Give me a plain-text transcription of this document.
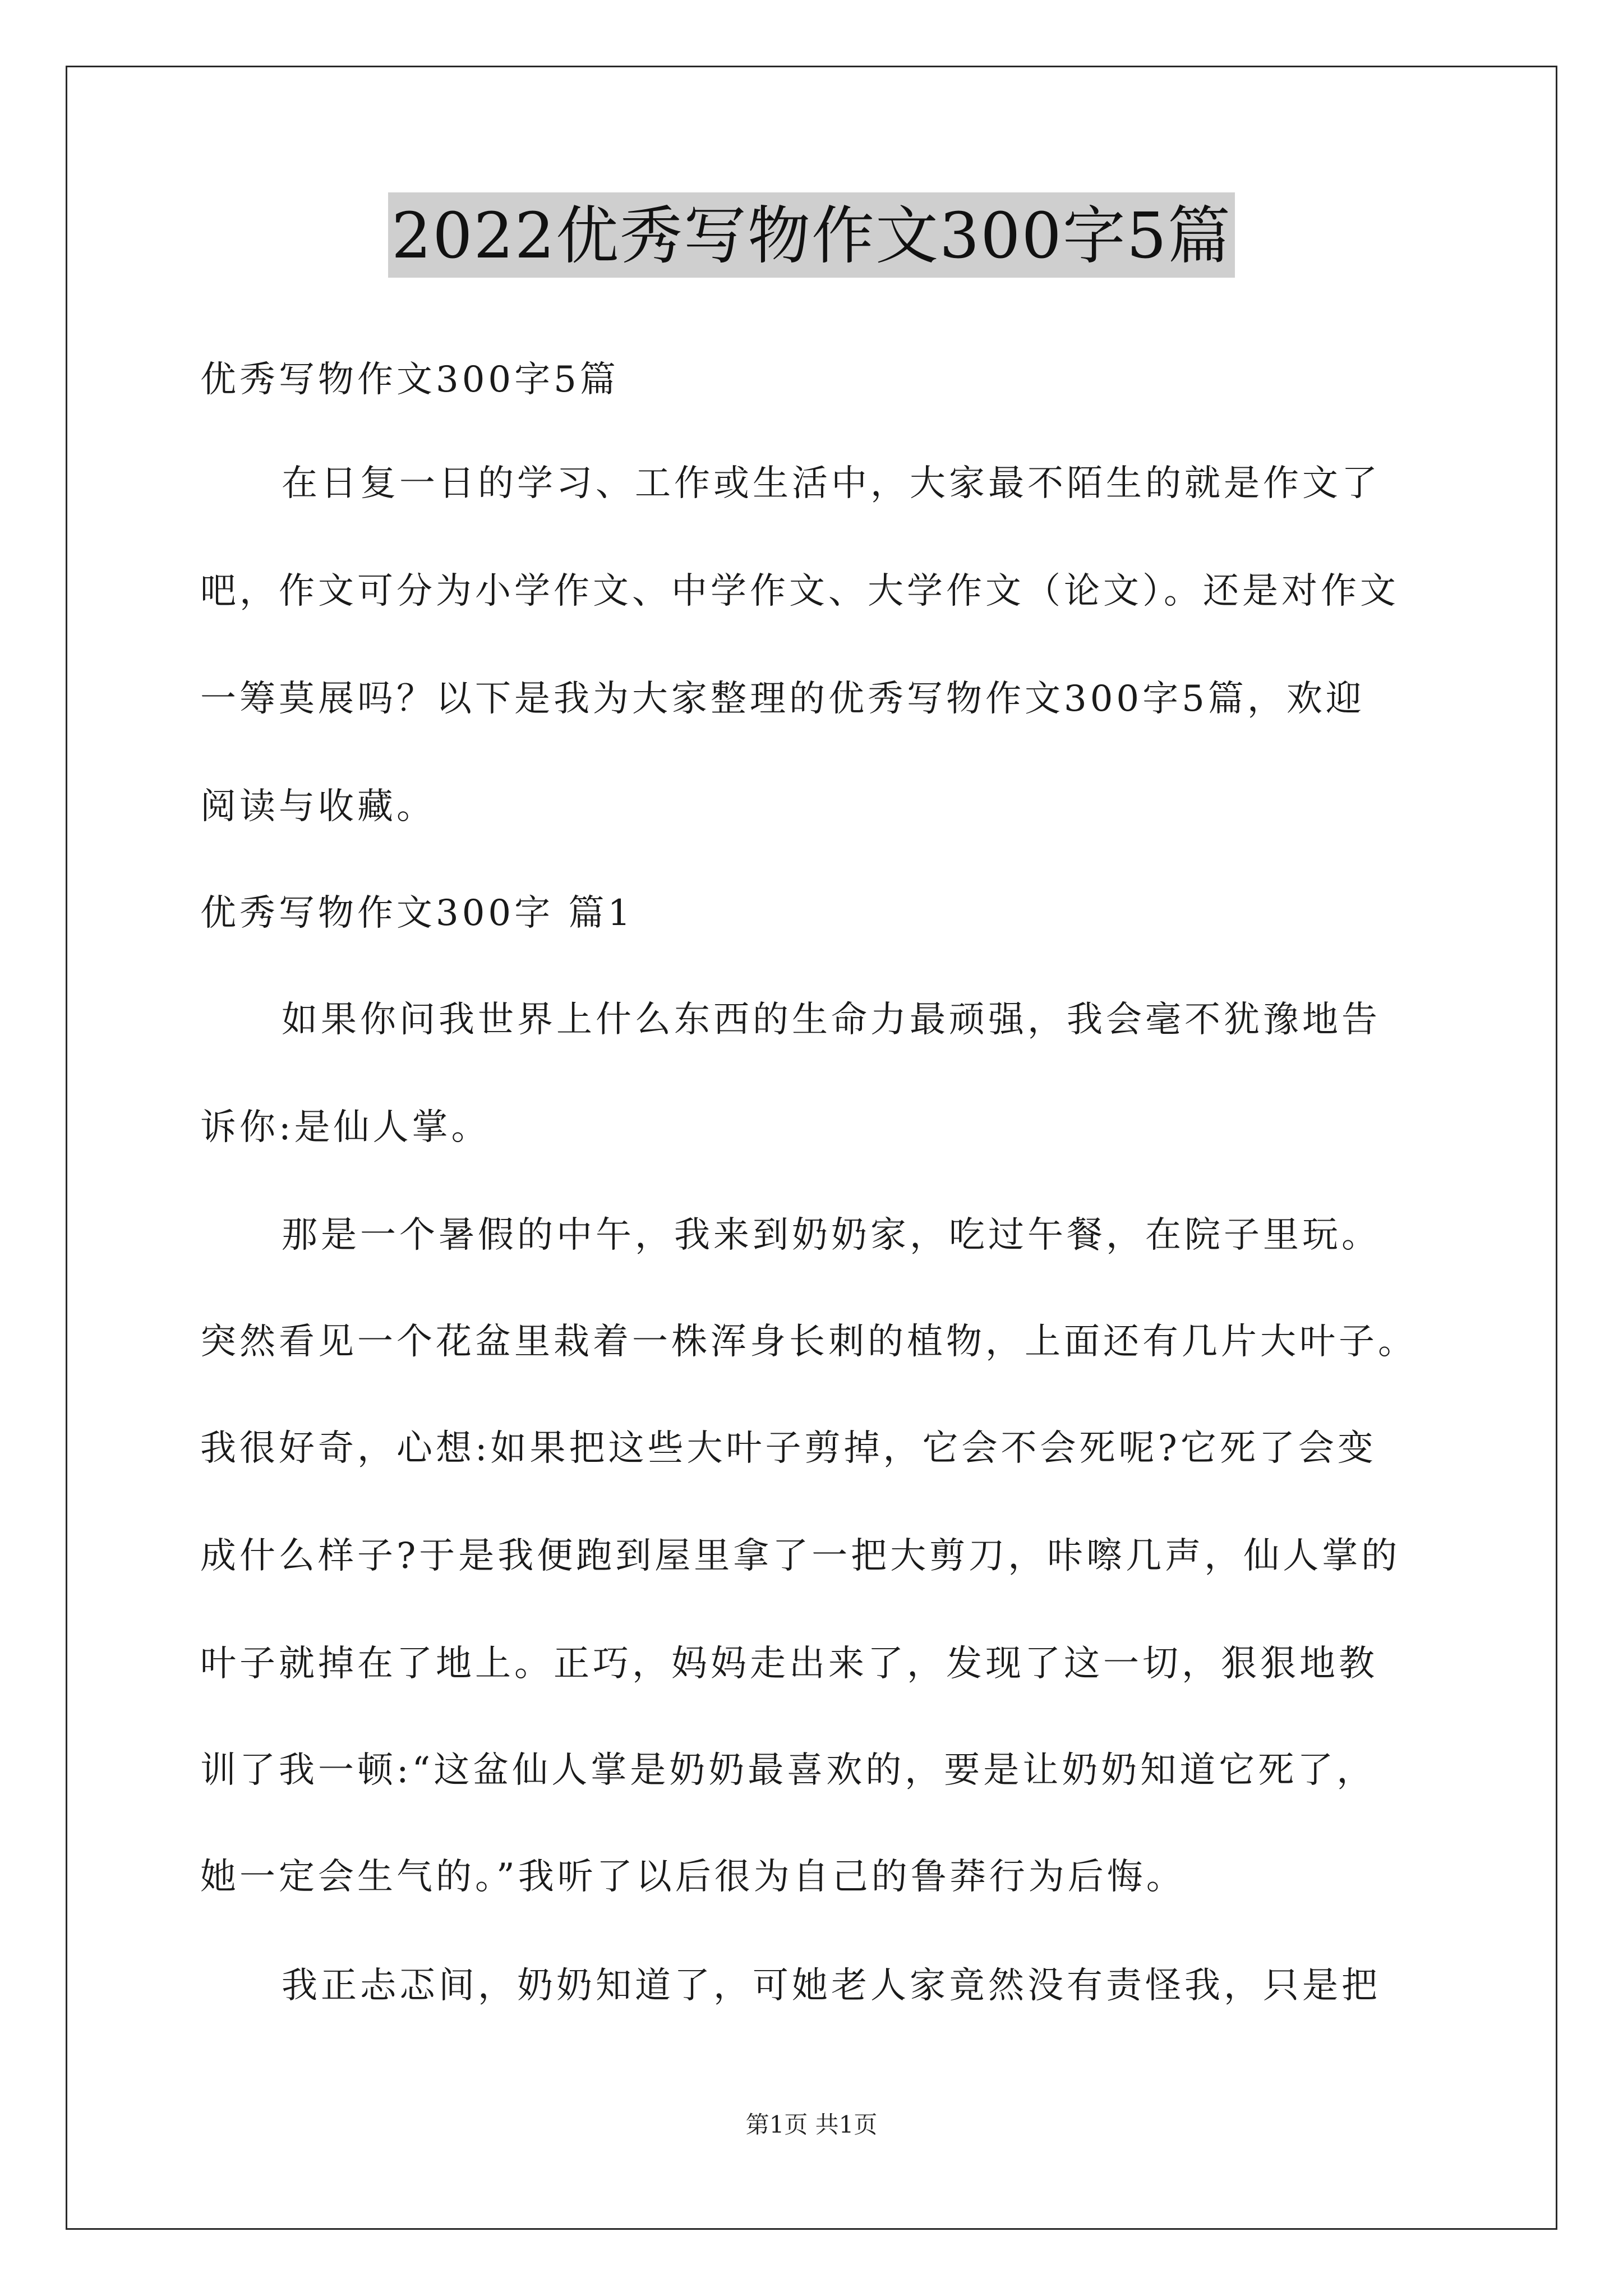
2022优秀写物作文300字5篇
优秀写物作文300字5篇
在日复一日的学习、工作或生活中，大家最不陌生的就是作文了
吧，作文可分为小学作文、中学作文、大学作文（论文）。还是对作文
一筹莫展吗？以下是我为大家整理的优秀写物作文300字5篇，欢迎
阅读与收藏。
优秀写物作文300字 篇1
如果你问我世界上什么东西的生命力最顽强，我会毫不犹豫地告
诉你:是仙人掌。
那是一个暑假的中午，我来到奶奶家，吃过午餐，在院子里玩。
突然看见一个花盆里栽着一株浑身长刺的植物，上面还有几片大叶子。
我很好奇，心想:如果把这些大叶子剪掉，它会不会死呢?它死了会变
成什么样子?于是我便跑到屋里拿了一把大剪刀，咔嚓几声，仙人掌的
叶子就掉在了地上。正巧，妈妈走出来了，发现了这一切，狠狠地教
训了我一顿:“这盆仙人掌是奶奶最喜欢的，要是让奶奶知道它死了，
她一定会生气的。”我听了以后很为自己的鲁莽行为后悔。
我正忐忑间，奶奶知道了，可她老人家竟然没有责怪我，只是把
第1页 共1页
